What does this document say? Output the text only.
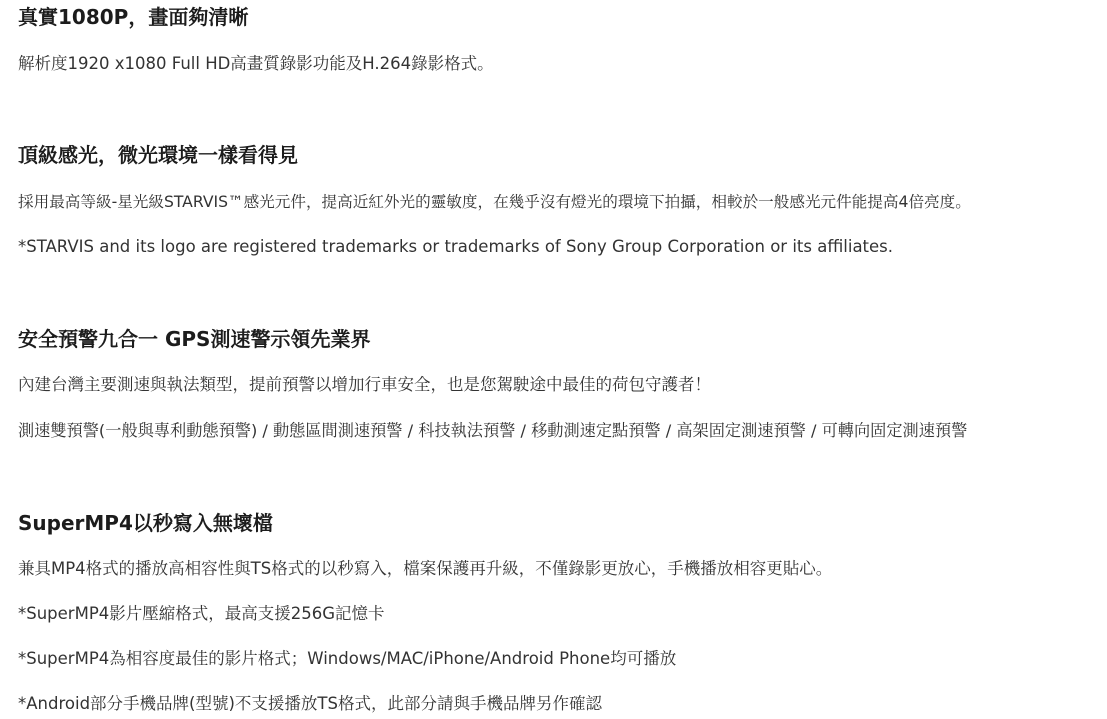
真實1080P，畫面夠清晰

解析度1920 x1080 Full HD高畫質錄影功能及H.264錄影格式。

頂級感光，微光環境一樣看得見

採用最高等級-星光級STARVIS™感光元件，提高近紅外光的靈敏度，在幾乎沒有燈光的環境下拍攝，相較於一般感光元件能提高4倍亮度。

*STARVIS and its logo are registered trademarks or trademarks of Sony Group Corporation or its affiliates.

安全預警九合一 GPS測速警示領先業界

內建台灣主要測速與執法類型，提前預警以增加行車安全，也是您駕駛途中最佳的荷包守護者！

測速雙預警(一般與專利動態預警) / 動態區間測速預警 / 科技執法預警 / 移動測速定點預警 / 高架固定測速預警 / 可轉向固定測速預警

SuperMP4以秒寫入無壞檔

兼具MP4格式的播放高相容性與TS格式的以秒寫入，檔案保護再升級，不僅錄影更放心，手機播放相容更貼心。

*SuperMP4影片壓縮格式，最高支援256G記憶卡

*SuperMP4為相容度最佳的影片格式；Windows/MAC/iPhone/Android Phone均可播放

*Android部分手機品牌(型號)不支援播放TS格式，此部分請與手機品牌另作確認
